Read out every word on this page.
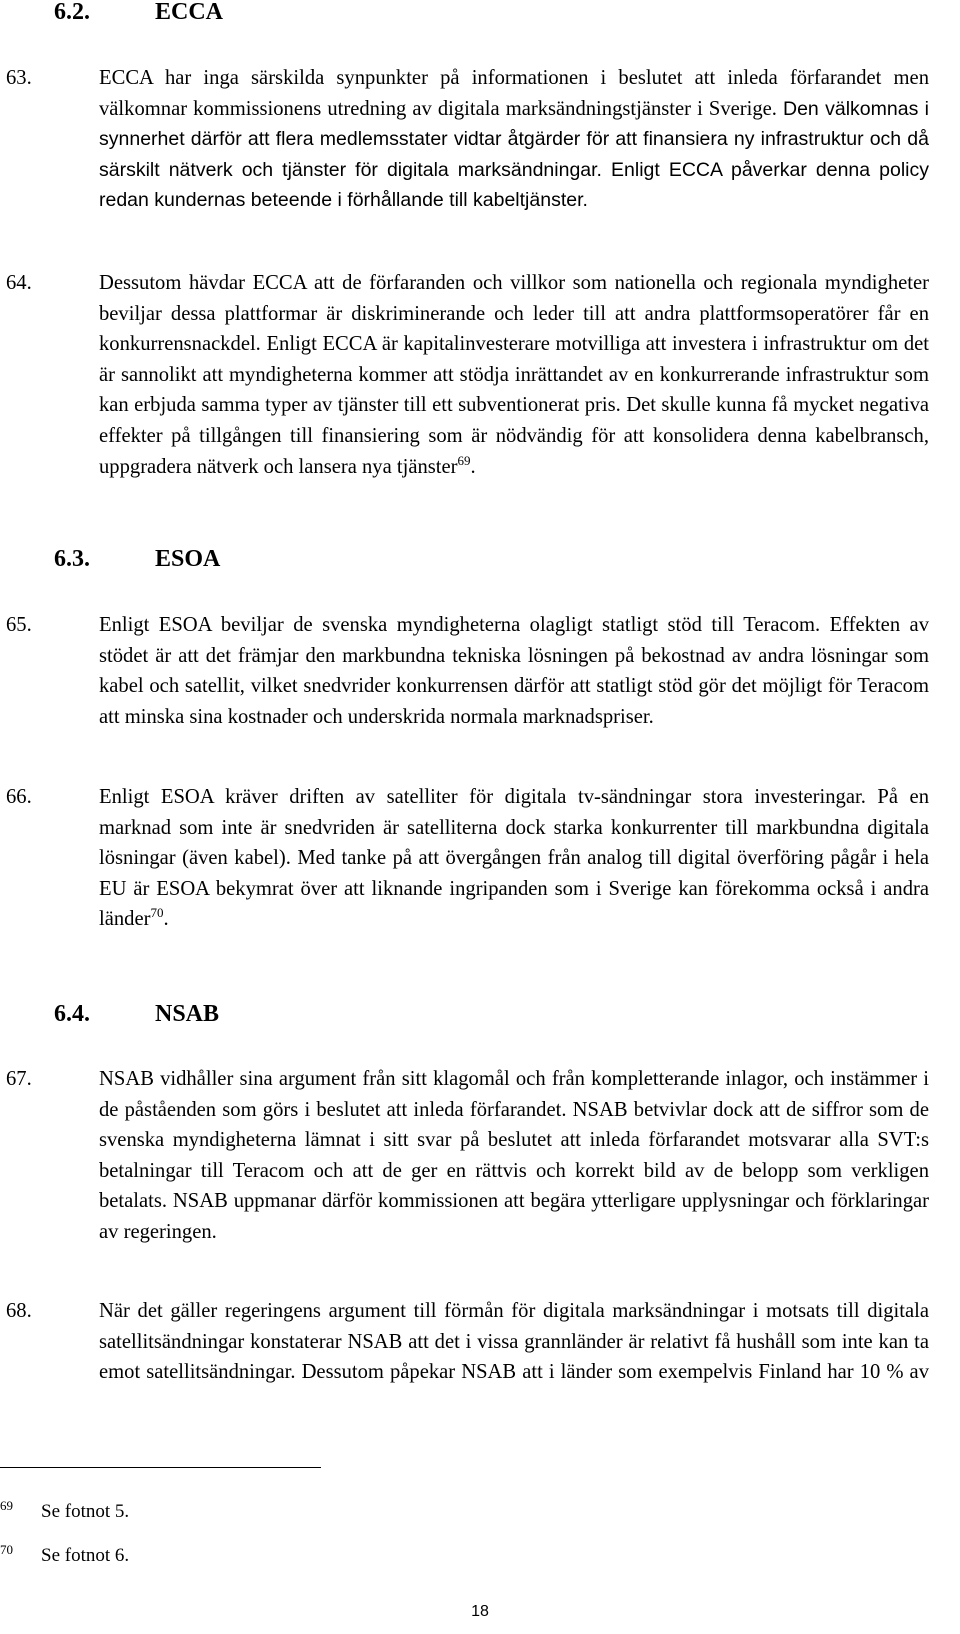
6.2.	ECCA
63.	ECCA har inga särskilda synpunkter på informationen i beslutet att inleda förfarandet men välkomnar kommissionens utredning av digitala marksändningstjänster i Sverige. Den välkomnas i synnerhet därför att flera medlemsstater vidtar åtgärder för att finansiera ny infrastruktur och då särskilt nätverk och tjänster för digitala marksändningar. Enligt ECCA påverkar denna policy redan kundernas beteende i förhållande till kabeltjänster.
64.	Dessutom hävdar ECCA att de förfaranden och villkor som nationella och regionala myndigheter beviljar dessa plattformar är diskriminerande och leder till att andra plattformsoperatörer får en konkurrensnackdel. Enligt ECCA är kapitalinvesterare motvilliga att investera i infrastruktur om det är sannolikt att myndigheterna kommer att stödja inrättandet av en konkurrerande infrastruktur som kan erbjuda samma typer av tjänster till ett subventionerat pris. Det skulle kunna få mycket negativa effekter på tillgången till finansiering som är nödvändig för att konsolidera denna kabelbransch, uppgradera nätverk och lansera nya tjänster$^{69}$.
6.3.	ESOA
65.	Enligt ESOA beviljar de svenska myndigheterna olagligt statligt stöd till Teracom. Effekten av stödet är att det främjar den markbundna tekniska lösningen på bekostnad av andra lösningar som kabel och satellit, vilket snedvrider konkurrensen därför att statligt stöd gör det möjligt för Teracom att minska sina kostnader och underskrida normala marknadspriser.
66.	Enligt ESOA kräver driften av satelliter för digitala tv-sändningar stora investeringar. På en marknad som inte är snedvriden är satelliterna dock starka konkurrenter till markbundna digitala lösningar (även kabel). Med tanke på att övergången från analog till digital överföring pågår i hela EU är ESOA bekymrat över att liknande ingripanden som i Sverige kan förekomma också i andra länder$^{70}$.
6.4.	NSAB
67.	NSAB vidhåller sina argument från sitt klagomål och från kompletterande inlagor, och instämmer i de påståenden som görs i beslutet att inleda förfarandet. NSAB betvivlar dock att de siffror som de svenska myndigheterna lämnat i sitt svar på beslutet att inleda förfarandet motsvarar alla SVT:s betalningar till Teracom och att de ger en rättvis och korrekt bild av de belopp som verkligen betalats. NSAB uppmanar därför kommissionen att begära ytterligare upplysningar och förklaringar av regeringen.
68.	När det gäller regeringens argument till förmån för digitala marksändningar i motsats till digitala satellitsändningar konstaterar NSAB att det i vissa grannländer är relativt få hushåll som inte kan ta emot satellitsändningar. Dessutom påpekar NSAB att i länder som exempelvis Finland har 10 % av
69 Se fotnot 5.
70 Se fotnot 6.
18
